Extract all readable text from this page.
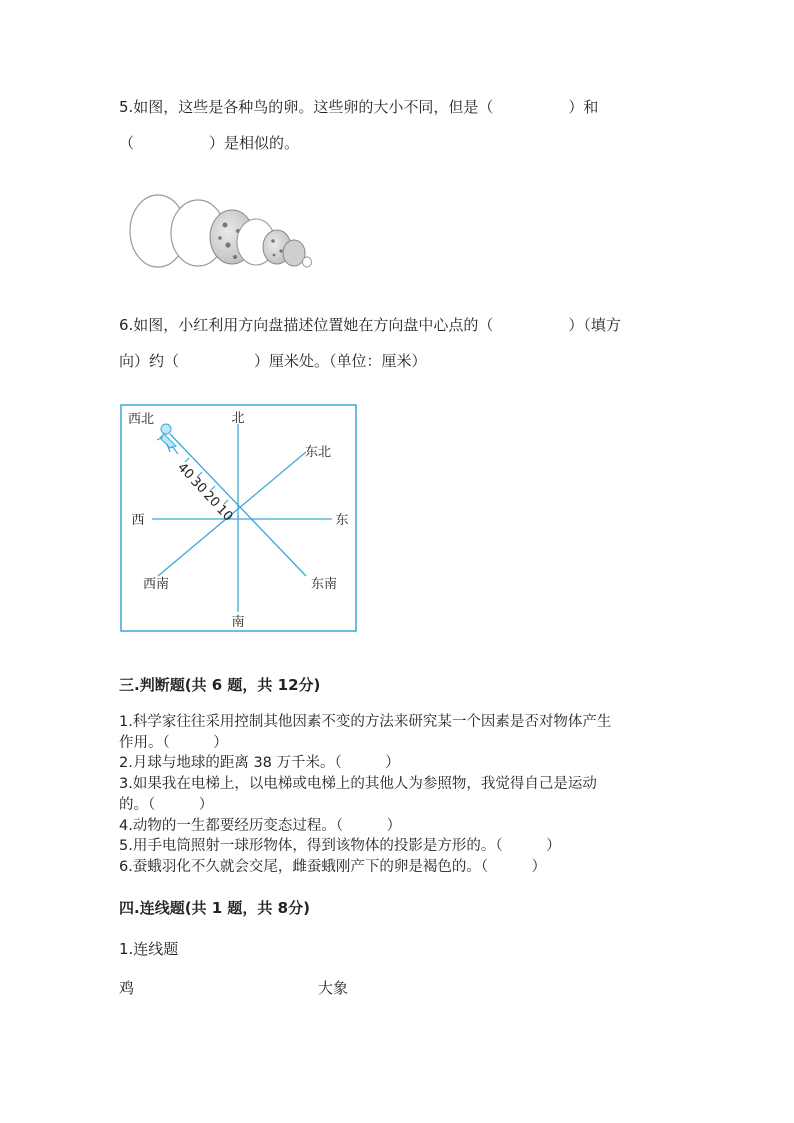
5.如图，这些是各种鸟的卵。这些卵的大小不同，但是（　　　　　）和
（　　　　　）是相似的。
6.如图，小红利用方向盘描述位置她在方向盘中心点的（　　　　　）（填方
向）约（　　　　　）厘米处。（单位：厘米）
北
南
东
西
东北
西北
东南
西南
10
20
30
40
三.判断题(共 6 题，共 12分)
1.科学家往往采用控制其他因素不变的方法来研究某一个因素是否对物体产生
作用。（　　　）
2.月球与地球的距离 38 万千米。（　　　）
3.如果我在电梯上，以电梯或电梯上的其他人为参照物，我觉得自己是运动
的。（　　　）
4.动物的一生都要经历变态过程。（　　　）
5.用手电筒照射一球形物体，得到该物体的投影是方形的。（　　　）
6.蚕蛾羽化不久就会交尾，雌蚕蛾刚产下的卵是褐色的。（　　　）
四.连线题(共 1 题，共 8分)
1.连线题
鸡	大象
